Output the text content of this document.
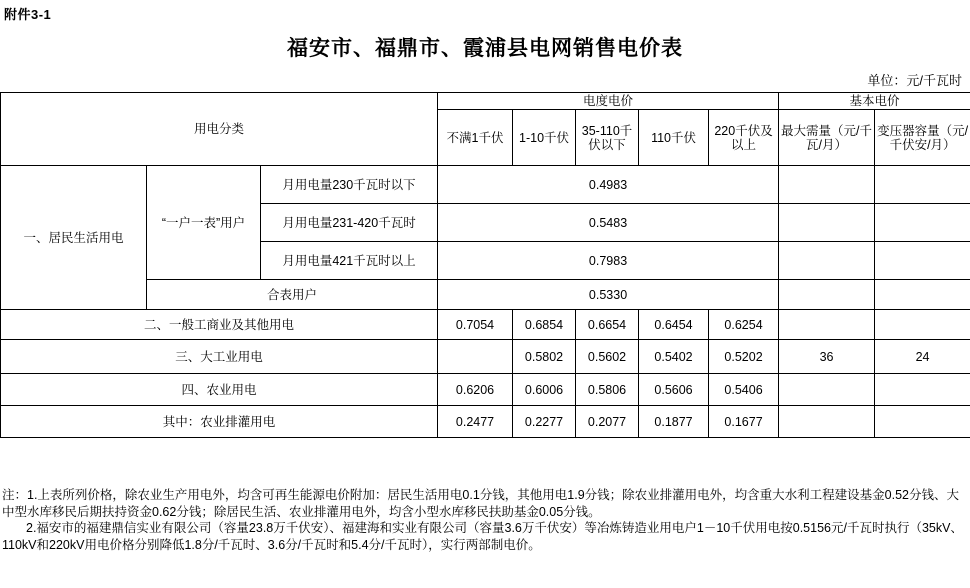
附件3-1
福安市、福鼎市、霞浦县电网销售电价表
单位：元/千瓦时
用电分类			电度电价					基本电价	
			不满1千伏	1-10千伏	35-110千伏以下	110千伏	220千伏及以上	最大需量（元/千瓦/月）	变压器容量（元/千伏安/月）
一、居民生活用电	“一户一表”用户	月用电量230千瓦时以下	0.4983						
		月用电量231-420千瓦时	0.5483						
		月用电量421千瓦时以上	0.7983						
	合表用户		0.5330						
二、一般工商业及其他用电			0.7054	0.6854	0.6654	0.6454	0.6254		
三、大工业用电				0.5802	0.5602	0.5402	0.5202	36	24
四、农业用电			0.6206	0.6006	0.5806	0.5606	0.5406		
其中：农业排灌用电			0.2477	0.2277	0.2077	0.1877	0.1677		

注：1.上表所列价格，除农业生产用电外，均含可再生能源电价附加：居民生活用电0.1分钱，其他用电1.9分钱；除农业排灌用电外，均含重大水利工程建设基金0.52分钱、大中型水库移民后期扶持资金0.62分钱；除居民生活、农业排灌用电外，均含小型水库移民扶助基金0.05分钱。

2.福安市的福建鼎信实业有限公司（容量23.8万千伏安）、福建海和实业有限公司（容量3.6万千伏安）等冶炼铸造业用电户1－10千伏用电按0.5156元/千瓦时执行（35kV、110kV和220kV用电价格分别降低1.8分/千瓦时、3.6分/千瓦时和5.4分/千瓦时），实行两部制电价。
